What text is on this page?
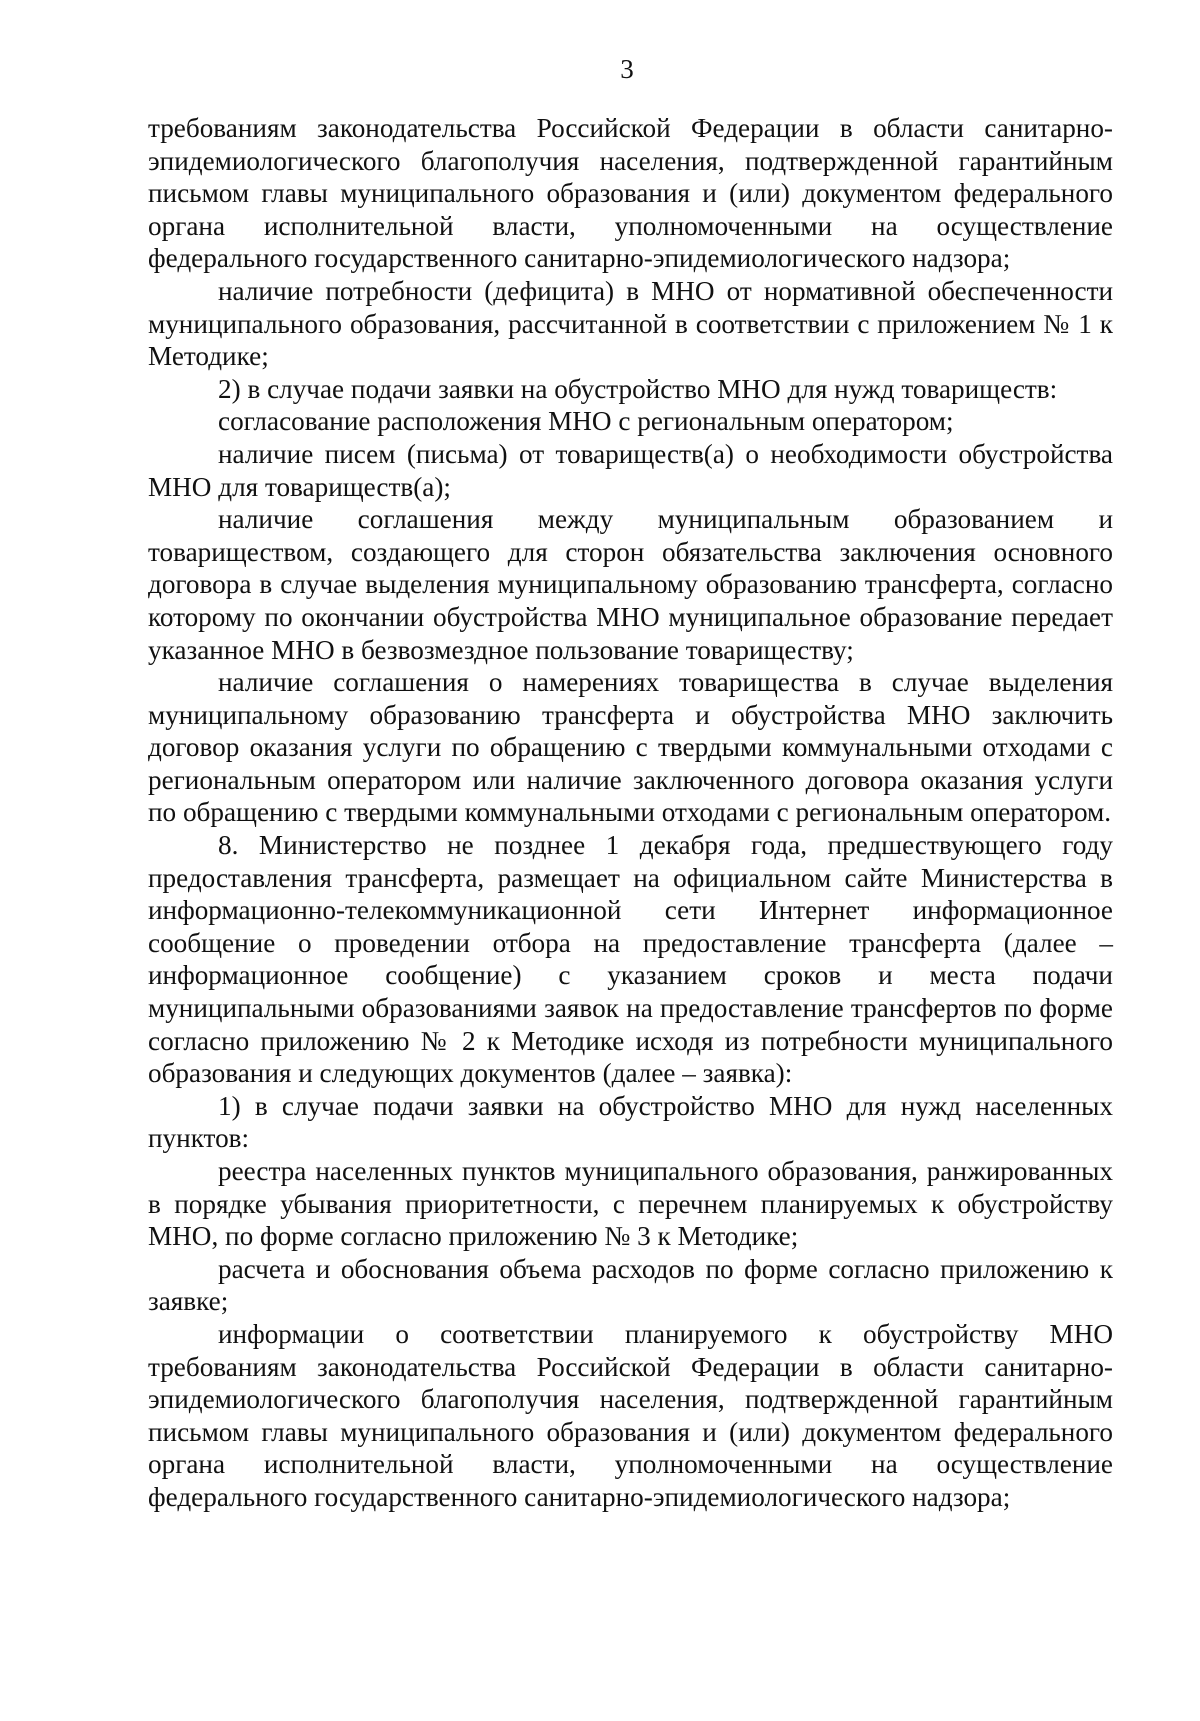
3

требованиям законодательства Российской Федерации в области санитарно-эпидемиологического благополучия населения, подтвержденной гарантийным письмом главы муниципального образования и (или) документом федерального органа исполнительной власти, уполномоченными на осуществление федерального государственного санитарно-эпидемиологического надзора;

наличие потребности (дефицита) в МНО от нормативной обеспеченности муниципального образования, рассчитанной в соответствии с приложением № 1 к Методике;

2) в случае подачи заявки на обустройство МНО для нужд товариществ:

согласование расположения МНО с региональным оператором;

наличие писем (письма) от товариществ(а) о необходимости обустройства МНО для товариществ(а);

наличие соглашения между муниципальным образованием и товариществом, создающего для сторон обязательства заключения основного договора в случае выделения муниципальному образованию трансферта, согласно которому по окончании обустройства МНО муниципальное образование передает указанное МНО в безвозмездное пользование товариществу;

наличие соглашения о намерениях товарищества в случае выделения муниципальному образованию трансферта и обустройства МНО заключить договор оказания услуги по обращению с твердыми коммунальными отходами с региональным оператором или наличие заключенного договора оказания услуги по обращению с твердыми коммунальными отходами с региональным оператором.

8. Министерство не позднее 1 декабря года, предшествующего году предоставления трансферта, размещает на официальном сайте Министерства в информационно-телекоммуникационной сети Интернет информационное сообщение о проведении отбора на предоставление трансферта (далее – информационное сообщение) с указанием сроков и места подачи муниципальными образованиями заявок на предоставление трансфертов по форме согласно приложению № 2 к Методике исходя из потребности муниципального образования и следующих документов (далее – заявка):

1) в случае подачи заявки на обустройство МНО для нужд населенных пунктов:

реестра населенных пунктов муниципального образования, ранжированных в порядке убывания приоритетности, с перечнем планируемых к обустройству МНО, по форме согласно приложению № 3 к Методике;

расчета и обоснования объема расходов по форме согласно приложению к заявке;

информации о соответствии планируемого к обустройству МНО требованиям законодательства Российской Федерации в области санитарно-эпидемиологического благополучия населения, подтвержденной гарантийным письмом главы муниципального образования и (или) документом федерального органа исполнительной власти, уполномоченными на осуществление федерального государственного санитарно-эпидемиологического надзора;
